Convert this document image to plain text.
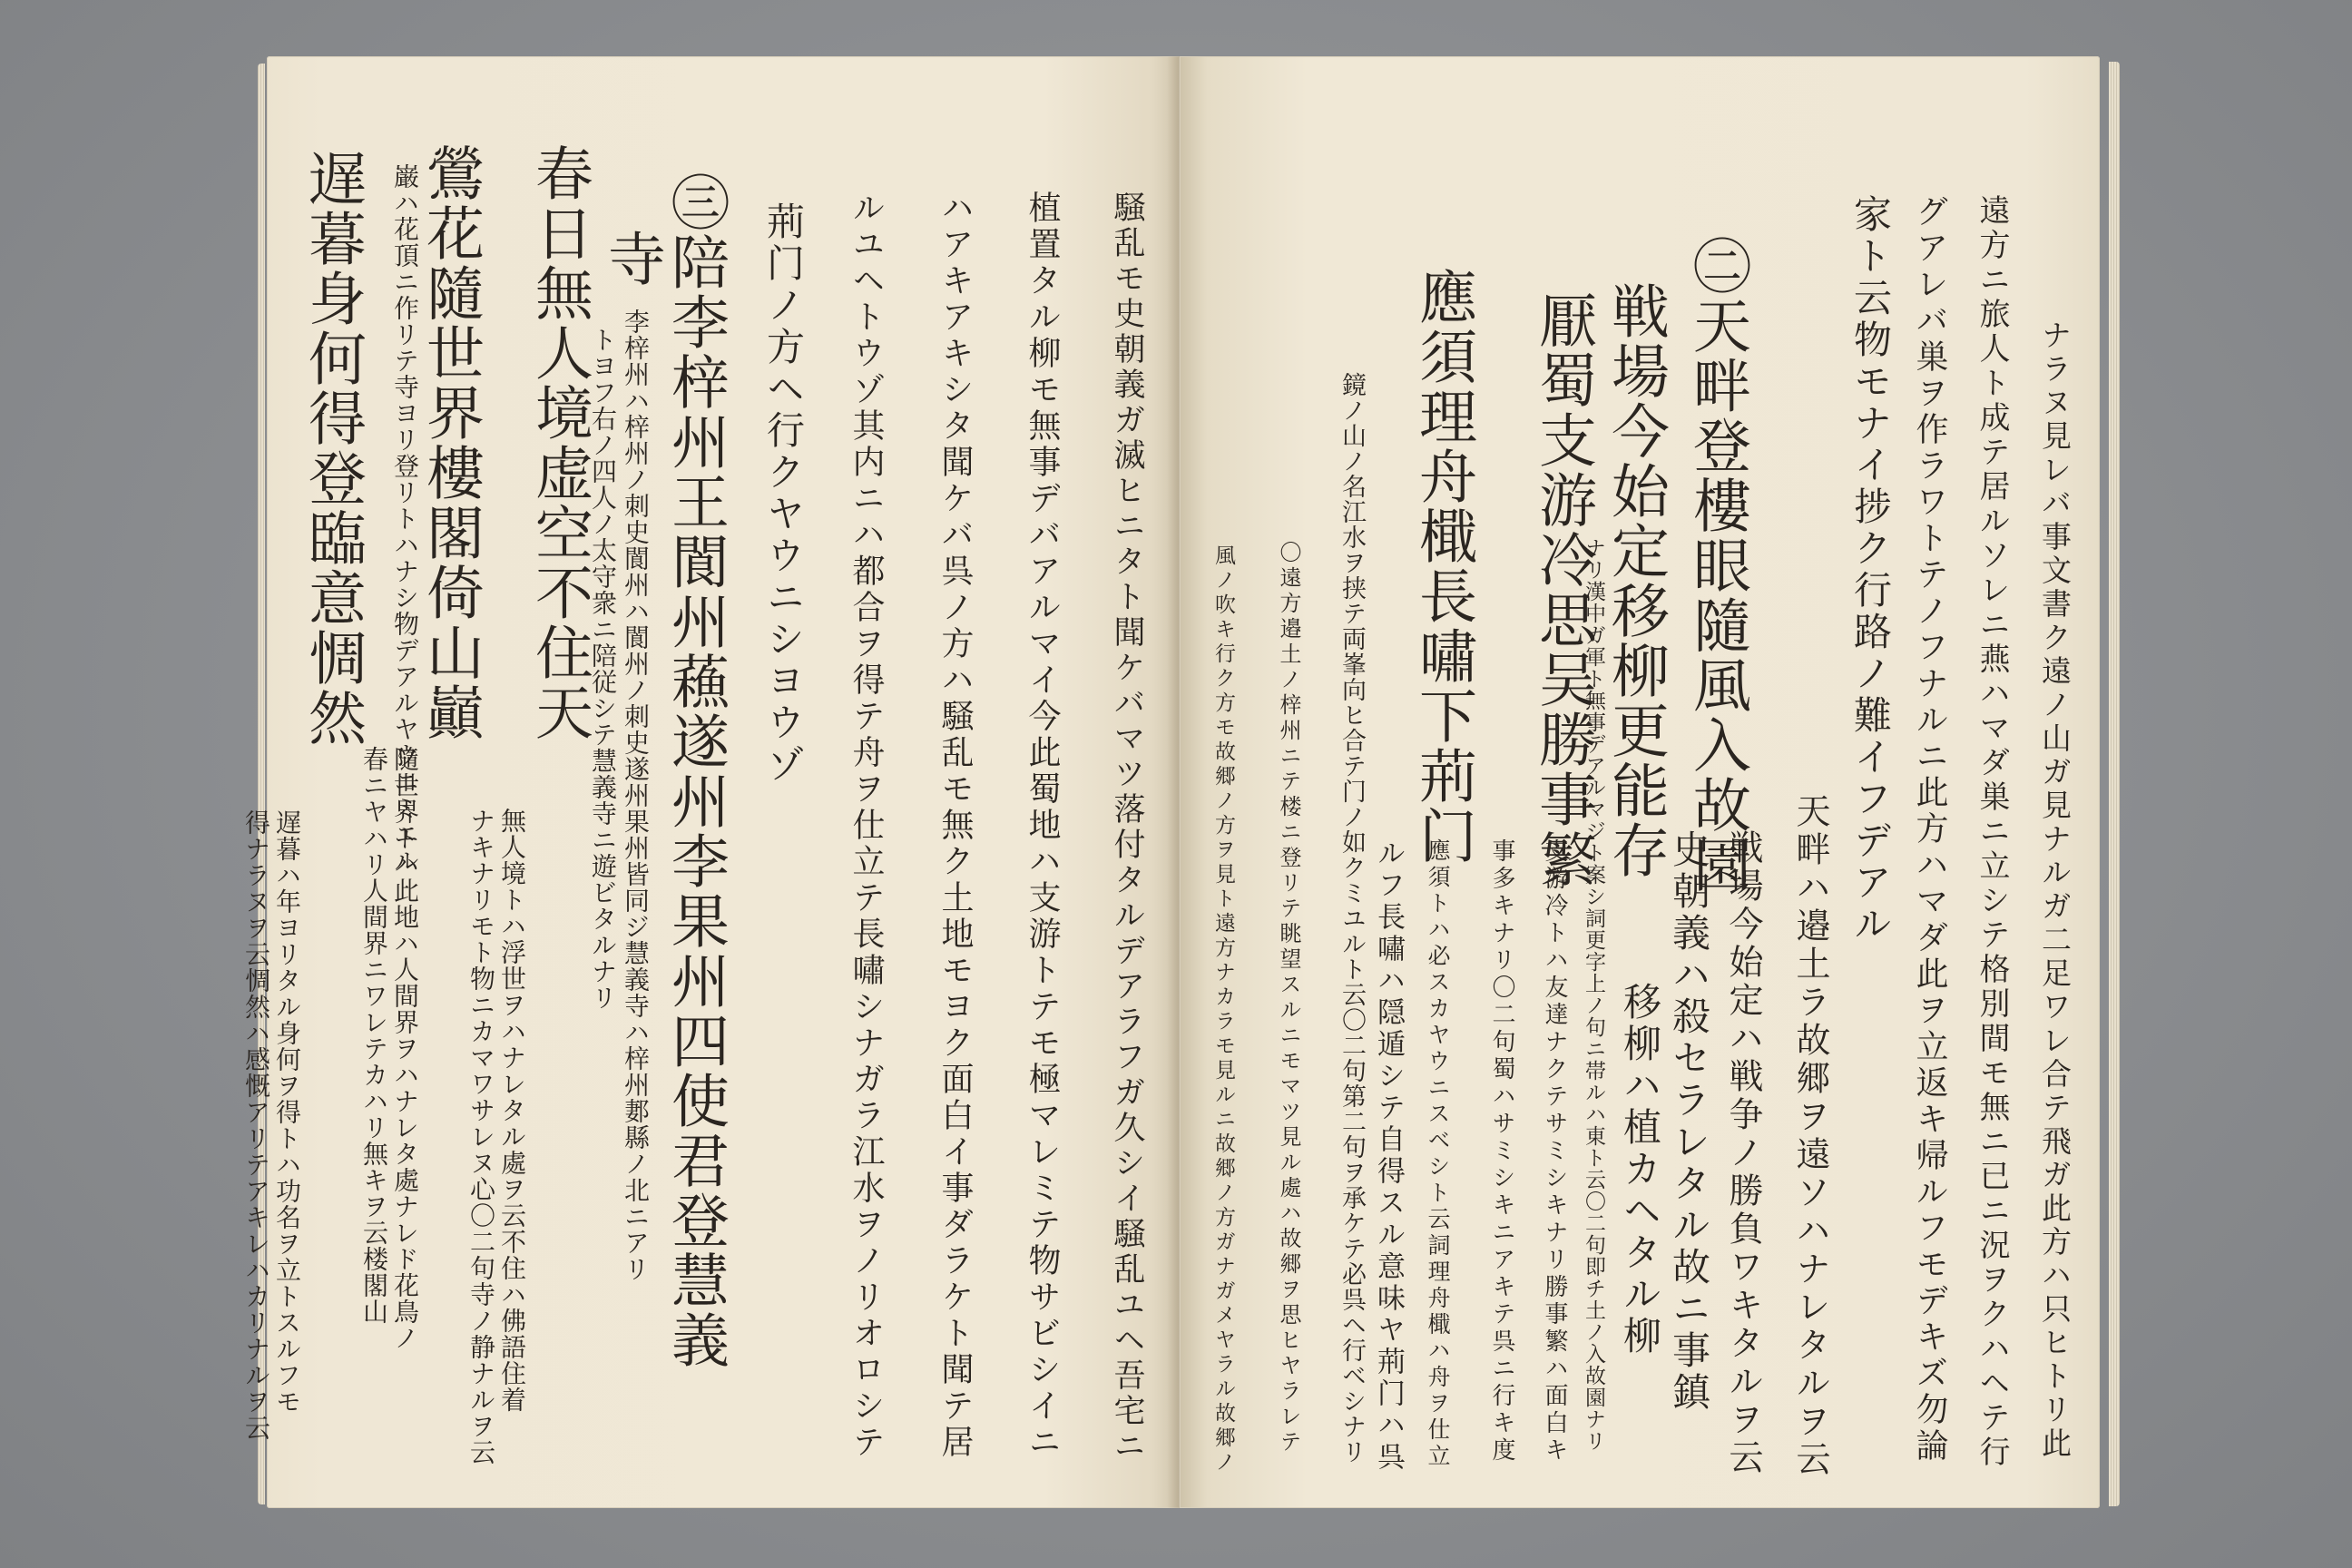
騒乱モ史朝義ガ滅ヒニタト聞ケバマツ落付タルデアラフガ久シイ騒乱ユヘ吾宅ニ
植置タル柳モ無事デバアルマイ今此蜀地ハ支游トテモ極マレミテ物サビシイニ
ハアキアキシタ聞ケバ呉ノ方ハ騒乱モ無ク土地モヨク面白イ事ダラケト聞テ居
ルユヘトウゾ其内ニハ都合ヲ得テ舟ヲ仕立テ長嘯シナガラ江水ヲノリオロシテ
荊门ノ方ヘ行クヤウニシヨウゾ
㊂陪李梓州王閬州蘓遂州李果州四使君登慧義
寺
李梓州ハ梓州ノ刺史閬州ハ閬州ノ刺史遂州果州皆同ジ慧義寺ハ梓州郪縣ノ北ニアリ
トヨフ右ノ四人ノ太守衆ニ陪従シテ慧義寺ニ遊ビタルナリ
春日無人境虚空不住天
無人境トハ浮世ヲハナレタル處ヲ云不住ハ佛語住着
ナキナリモト物ニカマワサレヌ心〇二句寺ノ静ナルヲ云
鶯花隨世界樓閣倚山巓
巌ハ花頂ニ作リテ寺ヨリ登リトハナシ物デアルヤウニミエル
隨世界トハ此地ハ人間界ヲハナレタ處ナレド花鳥ノ
春ニヤハリ人間界ニワレテカハリ無キヲ云楼閣山
遅暮身何得登臨意惆然
遅暮ハ年ヨリタル身何ヲ得トハ功名ヲ立トスルフモ
得ナラヌヲ云惆然ハ感慨アリテアキレハカリナルヲ云	ナラヌ見レバ事文書ク遠ノ山ガ見ナルガ二足ワレ合テ飛ガ此方ハ只ヒトリ此
遠方ニ旅人ト成テ居ルソレニ燕ハマダ巣ニ立シテ格別間モ無ニ已ニ況ヲクハヘテ行
グアレバ巣ヲ作ラワトテノフナルニ此方ハマダ此ヲ立返キ帰ルフモデキズ勿論
家ト云物モナイ捗ク行路ノ難イフデアル
天畔ハ邉土ラ故郷ヲ遠ソハナレタルヲ云
㊁天畔登樓眼隨風入故園
戦場今始定ハ戦争ノ勝負ワキタルヲ云
戦場今始定移柳更能存
史朝義ハ殺セラレタル故ニ事鎮
ナリ漢中ガ軍ト無事デアルマジト案シ詞更字上ノ句ニ帯ルハ東ト云〇二句即チ土ノ入故園ナリ 移柳ハ植カヘタル柳
厭蜀支游冷思吴勝事繁
支游冷トハ友達ナクテサミシキナリ勝事繁ハ面白キ
事多キナリ〇二句蜀ハサミシキニアキテ呉ニ行キ度
應須理舟檝長嘯下荊门
應須トハ必スカヤウニスベシト云詞理舟檝ハ舟ヲ仕立
ルフ長嘯ハ隠遁シテ自得スル意味ヤ荊门ハ呉
鏡ノ山ノ名江水ヲ挟テ両峯向ヒ合テ门ノ如クミユルト云〇二句第二句ヲ承ケテ必呉ヘ行ベシナリ
〇遠方邉土ノ梓州ニテ楼ニ登リテ眺望スルニモマツ見ル處ハ故郷ヲ思ヒヤラレテ
風ノ吹キ行ク方モ故郷ノ方ヲ見ト遠方ナカラモ見ルニ故郷ノ方ガナガメヤラル故郷ノ
